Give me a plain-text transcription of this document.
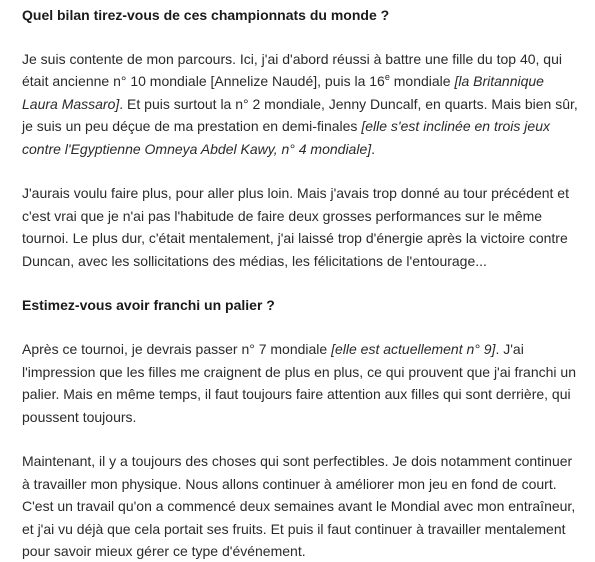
Quel bilan tirez-vous de ces championnats du monde ?
Je suis contente de mon parcours. Ici, j'ai d'abord réussi à battre une fille du top 40, qui était ancienne n° 10 mondiale [Annelize Naudé], puis la 16e mondiale [la Britannique Laura Massaro]. Et puis surtout la n° 2 mondiale, Jenny Duncalf, en quarts. Mais bien sûr, je suis un peu déçue de ma prestation en demi-finales [elle s'est inclinée en trois jeux contre l'Egyptienne Omneya Abdel Kawy, n° 4 mondiale].
J'aurais voulu faire plus, pour aller plus loin. Mais j'avais trop donné au tour précédent et c'est vrai que je n'ai pas l'habitude de faire deux grosses performances sur le même tournoi. Le plus dur, c'était mentalement, j'ai laissé trop d'énergie après la victoire contre Duncan, avec les sollicitations des médias, les félicitations de l'entourage...
Estimez-vous avoir franchi un palier ?
Après ce tournoi, je devrais passer n° 7 mondiale [elle est actuellement n° 9]. J'ai l'impression que les filles me craignent de plus en plus, ce qui prouvent que j'ai franchi un palier. Mais en même temps, il faut toujours faire attention aux filles qui sont derrière, qui poussent toujours.
Maintenant, il y a toujours des choses qui sont perfectibles. Je dois notamment continuer à travailler mon physique. Nous allons continuer à améliorer mon jeu en fond de court. C'est un travail qu'on a commencé deux semaines avant le Mondial avec mon entraîneur, et j'ai vu déjà que cela portait ses fruits. Et puis il faut continuer à travailler mentalement pour savoir mieux gérer ce type d'événement.
